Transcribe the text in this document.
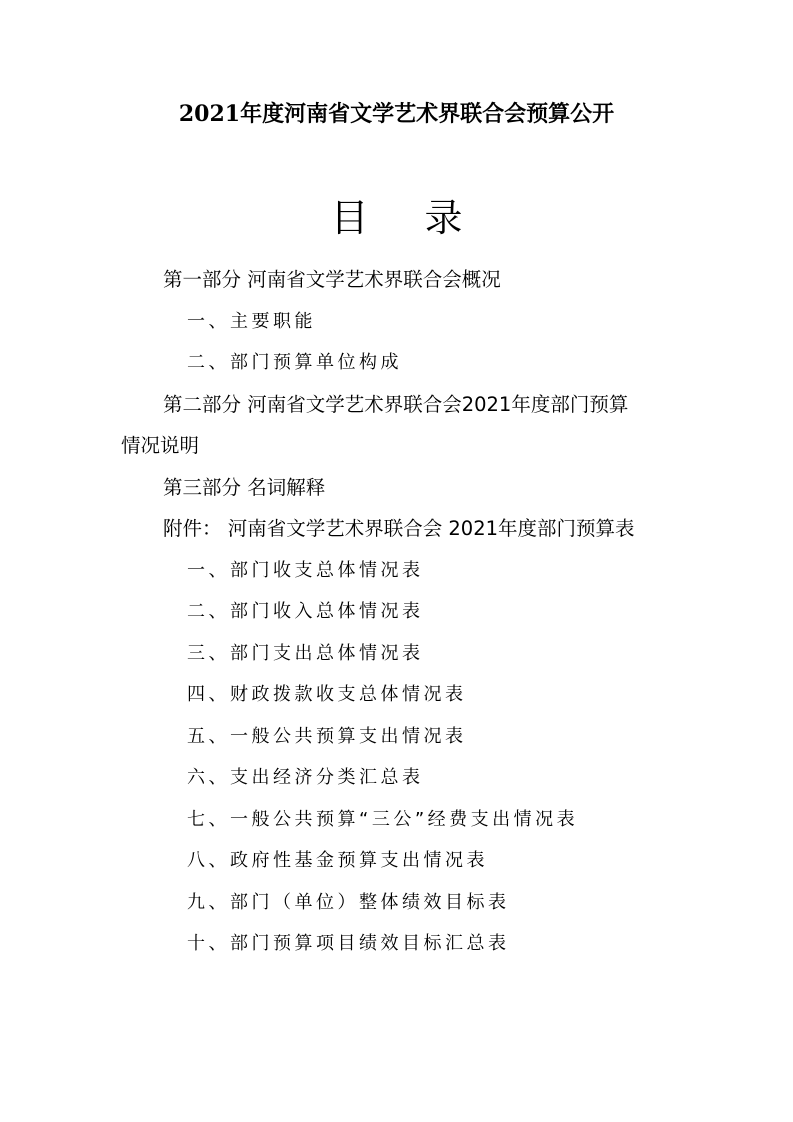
2021年度河南省文学艺术界联合会预算公开
目 录
第一部分 河南省文学艺术界联合会概况
一、主要职能
二、部门预算单位构成
第二部分 河南省文学艺术界联合会2021年度部门预算
情况说明
第三部分 名词解释
附件： 河南省文学艺术界联合会 2021年度部门预算表
一、部门收支总体情况表
二、部门收入总体情况表
三、部门支出总体情况表
四、财政拨款收支总体情况表
五、一般公共预算支出情况表
六、支出经济分类汇总表
七、一般公共预算“三公”经费支出情况表
八、政府性基金预算支出情况表
九、部门（单位）整体绩效目标表
十、部门预算项目绩效目标汇总表
